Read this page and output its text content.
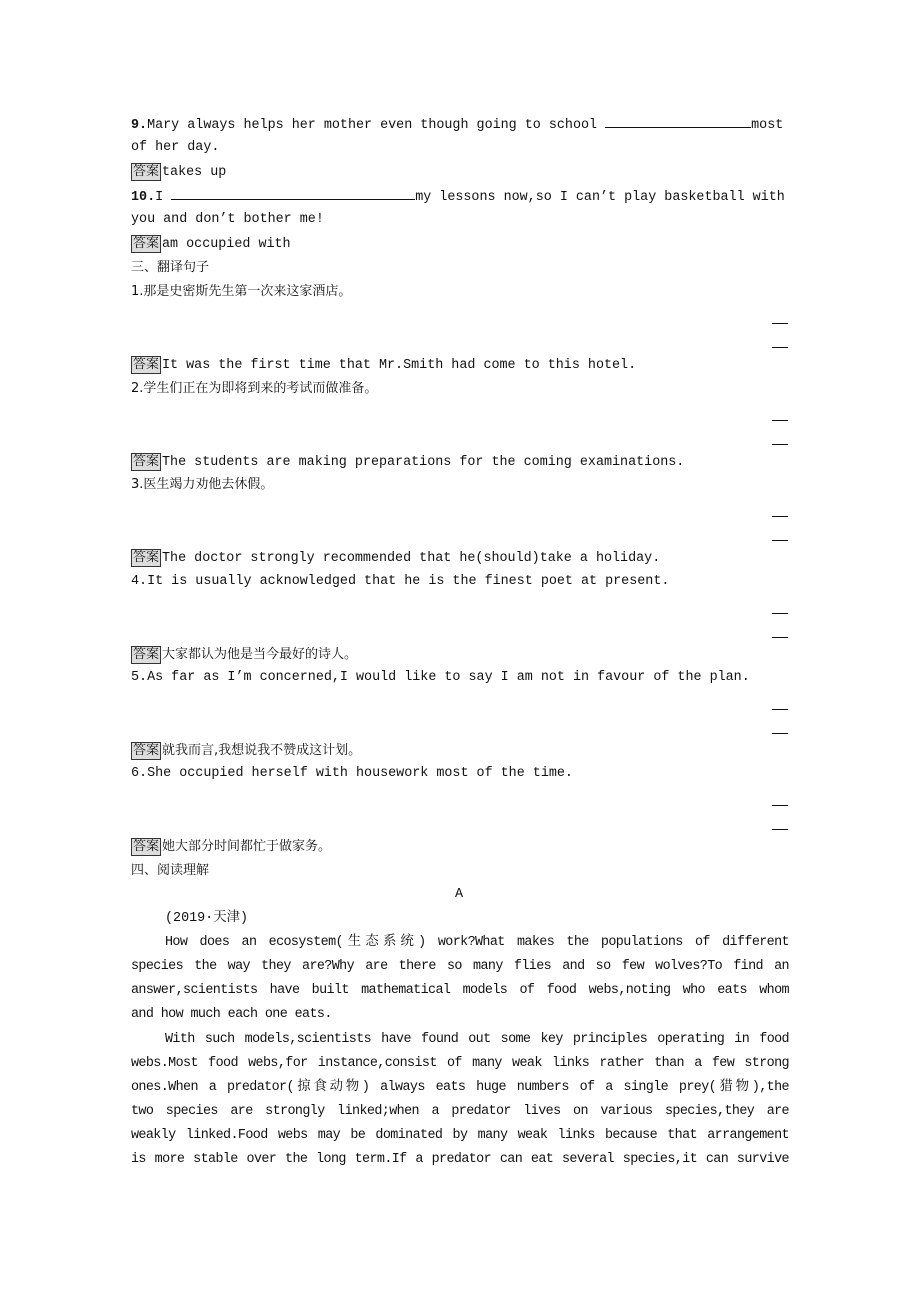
9.Mary always helps her mother even though going to school	most
of her day.
答案 takes up
10.I	my lessons now,so I can’t play basketball with
you and don’t bother me!
答案 am occupied with
三、翻译句子
1.那是史密斯先生第一次来这家酒店。
答案 It was the first time that Mr.Smith had come to this hotel.
2.学生们正在为即将到来的考试而做准备。
答案 The students are making preparations for the coming examinations.
3.医生竭力劝他去休假。
答案 The doctor strongly recommended that he(should)take a holiday.
4.It is usually acknowledged that he is the finest poet at present.
答案 大家都认为他是当今最好的诗人。
5.As far as I’m concerned,I would like to say I am not in favour of the plan.
答案 就我而言,我想说我不赞成这计划。
6.She occupied herself with housework most of the time.
答案 她大部分时间都忙于做家务。
四、阅读理解
A
(2019·天津)
How does an ecosystem(生态系统) work?What makes the populations of different
species the way they are?Why are there so many flies and so few wolves?To find an
answer,scientists have built mathematical models of food webs,noting who eats whom
and how much each one eats.
With such models,scientists have found out some key principles operating in food
webs.Most food webs,for instance,consist of many weak links rather than a few strong
ones.When a predator(掠食动物) always eats huge numbers of a single prey(猎物),the
two species are strongly linked;when a predator lives on various species,they are
weakly linked.Food webs may be dominated by many weak links because that arrangement
is more stable over the long term.If a predator can eat several species,it can survive
